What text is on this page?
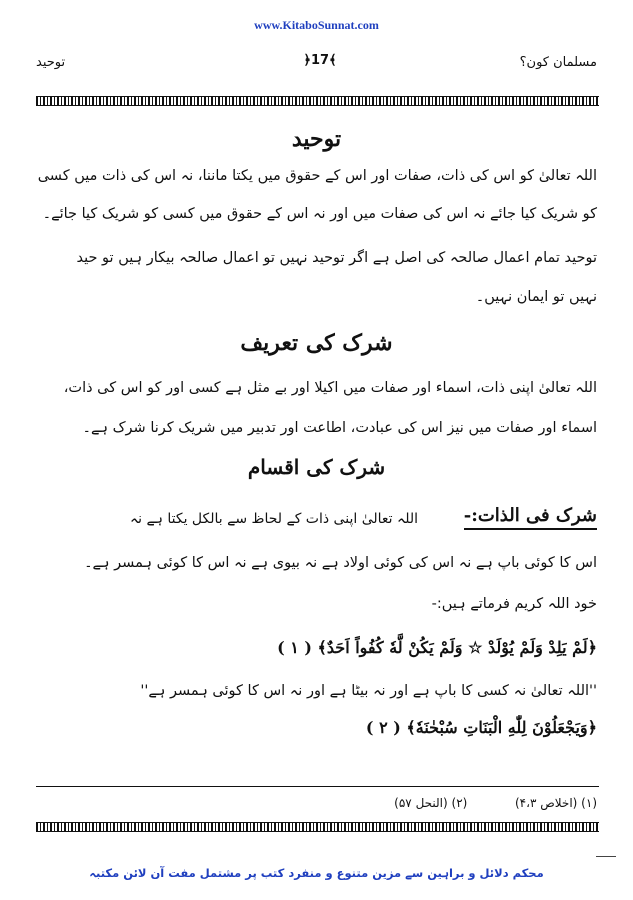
www.KitaboSunnat.com
توحید	﴿17﴾	مسلمان کون؟
توحید
اللہ تعالیٰ کو اس کی ذات، صفات اور اس کے حقوق میں یکتا ماننا، نہ اس کی ذات میں کسی
کو شریک کیا جائے نہ اس کی صفات میں اور نہ اس کے حقوق میں کسی کو شریک کیا جائے۔
توحید تمام اعمال صالحہ کی اصل ہے اگر توحید نہیں تو اعمال صالحہ بیکار ہیں تو حید
نہیں تو ایمان نہیں۔
شرک کی تعریف
اللہ تعالیٰ اپنی ذات، اسماء اور صفات میں اکیلا اور بے مثل ہے کسی اور کو اس کی ذات،
اسماء اور صفات میں نیز اس کی عبادت، اطاعت اور تدبیر میں شریک کرنا شرک ہے۔
شرک کی اقسام
شرک فی الذات:-
اللہ تعالیٰ اپنی ذات کے لحاظ سے بالکل یکتا ہے نہ
اس کا کوئی باپ ہے نہ اس کی کوئی اولاد ہے نہ بیوی ہے نہ اس کا کوئی ہمسر ہے۔
خود اللہ کریم فرماتے ہیں:-
﴿لَمْ يَلِدْ وَلَمْ يُوْلَدْ ☆ وَلَمْ يَكُنْ لَّهٗ كُفُواً اَحَدٌ﴾ ( ۱ )
''اللہ تعالیٰ نہ کسی کا باپ ہے اور نہ بیٹا ہے اور نہ اس کا کوئی ہمسر ہے''
﴿وَيَجْعَلُوْنَ لِلّٰهِ الْبَنَاتِ سُبْحٰنَهٗ﴾ ( ۲ )
(۱) (اخلاص ۴،۳)  (۲) (النحل ۵۷)
محکم دلائل و براہین سے مزین متنوع و منفرد کتب پر مشتمل مفت آن لائن مکتبہ
